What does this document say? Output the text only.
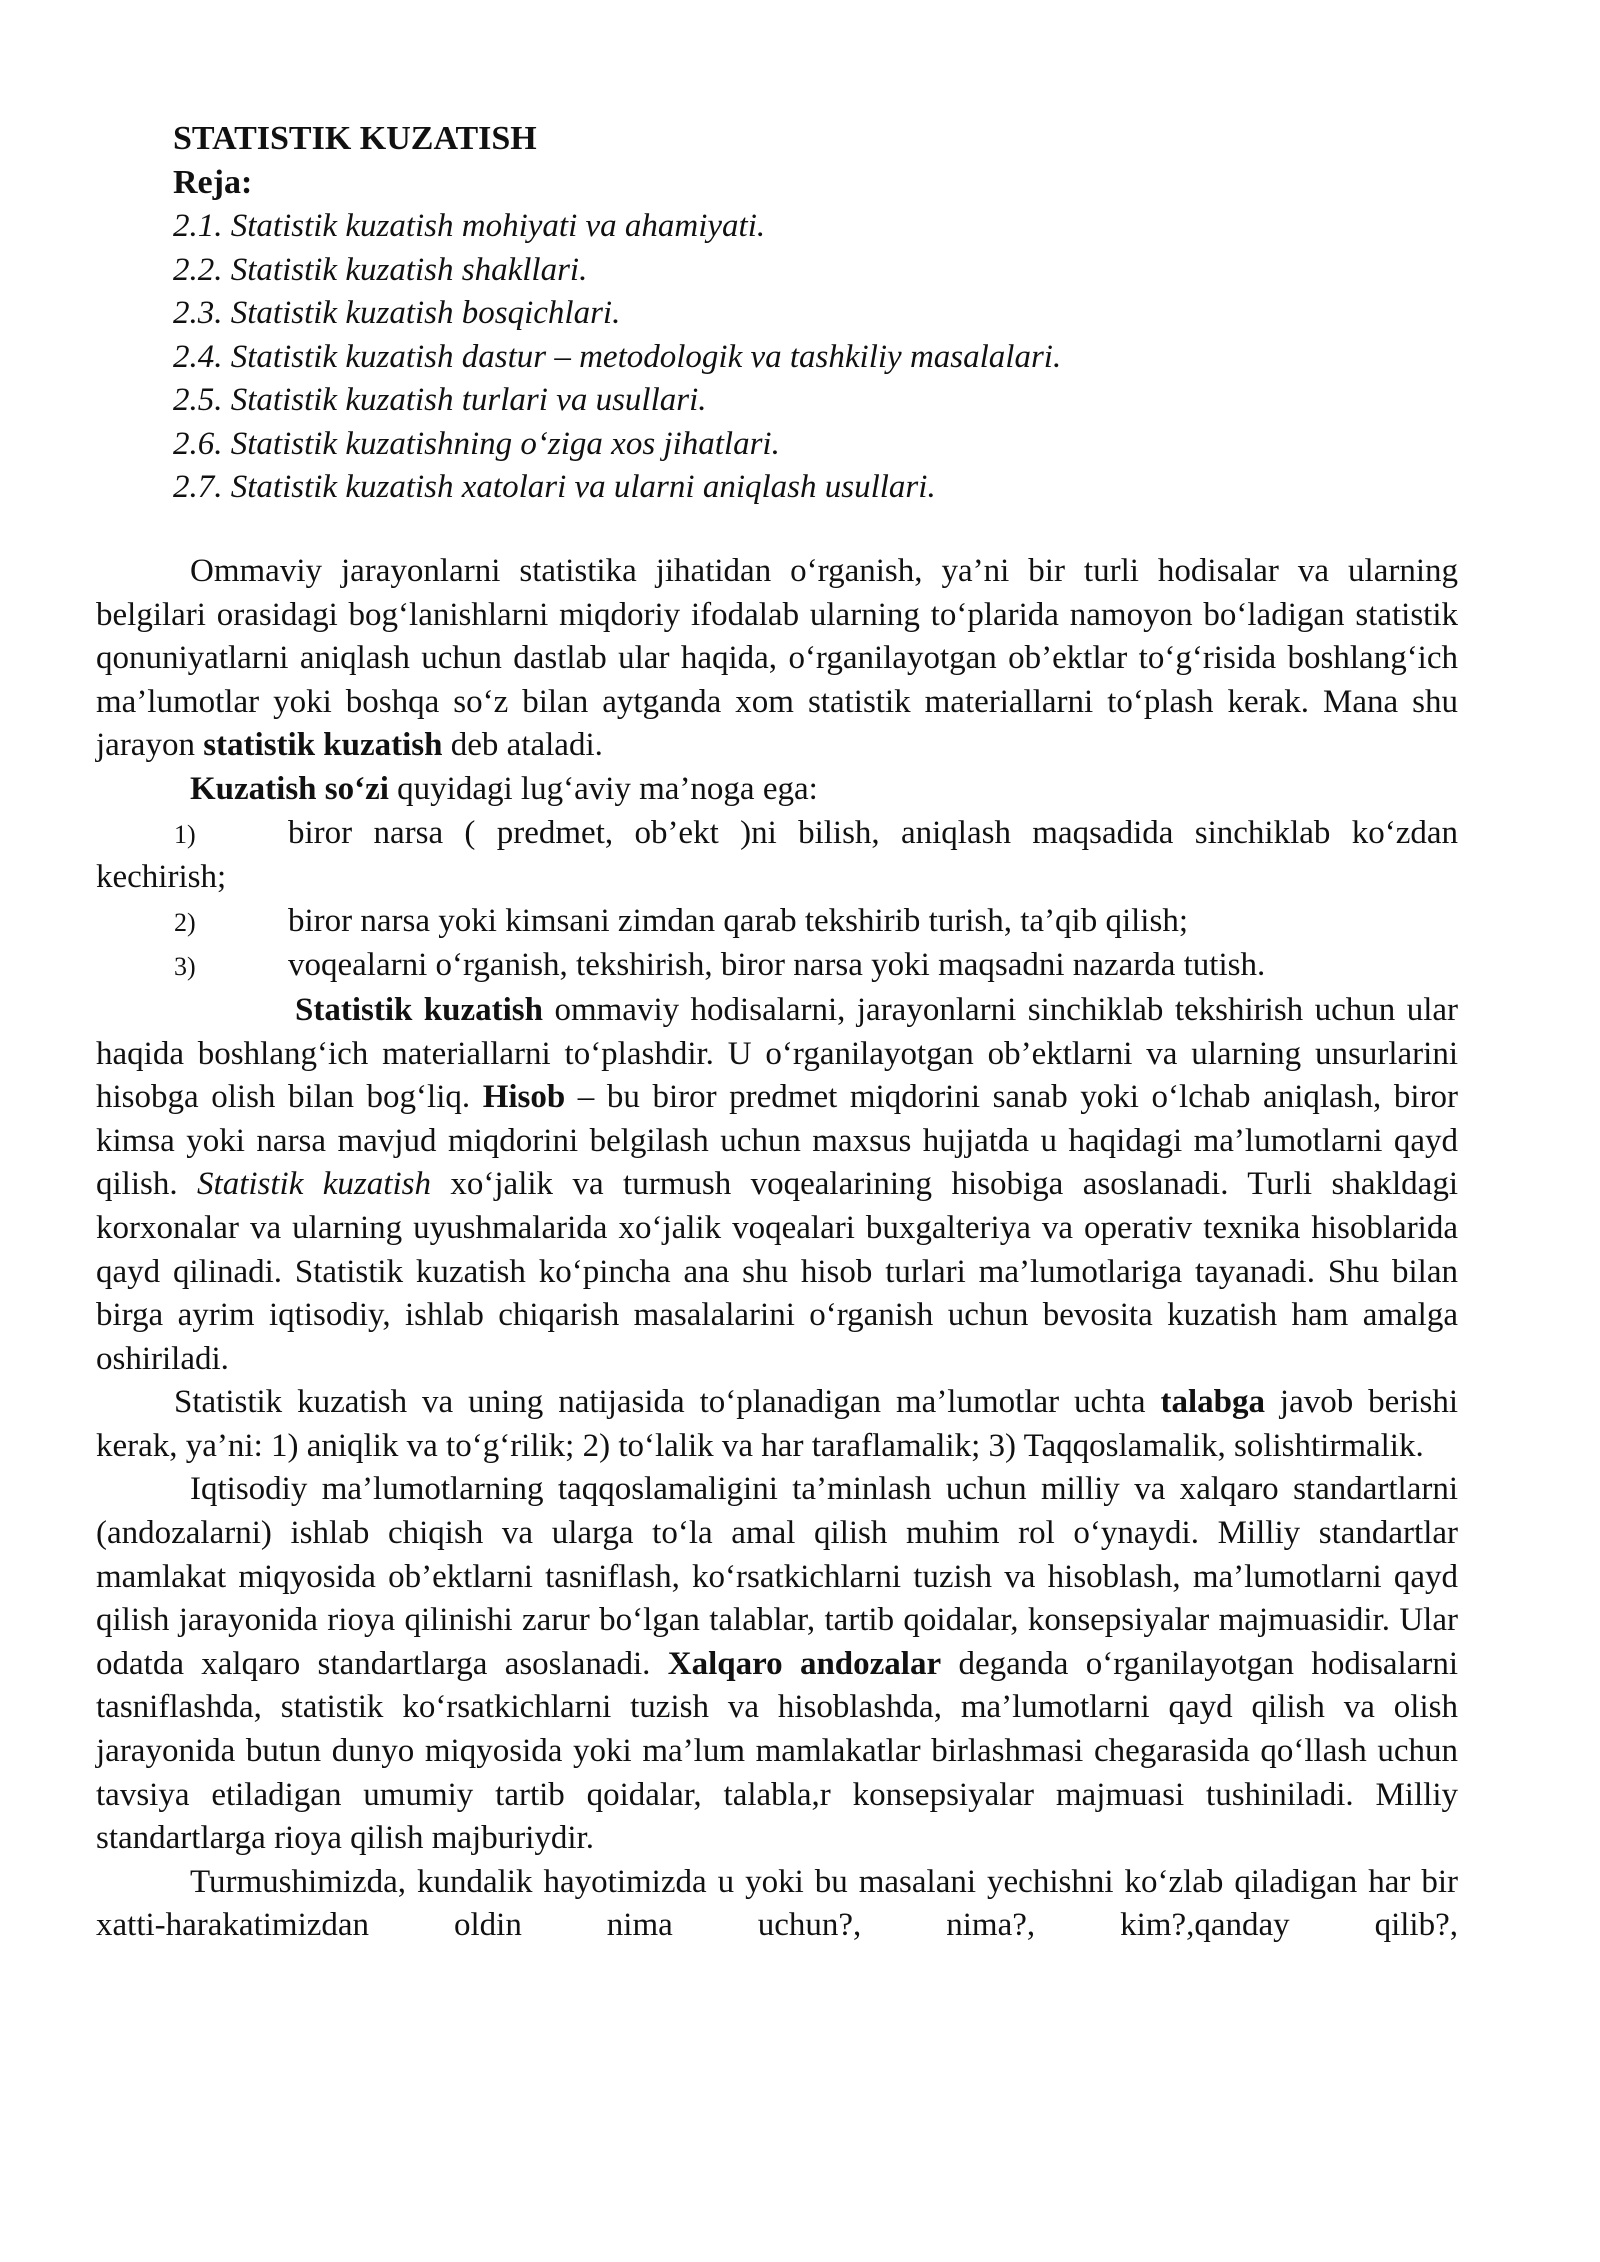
STATISTIK KUZATISH
Reja:
2.1. Statistik kuzatish mohiyati va ahamiyati.
2.2. Statistik kuzatish shakllari.
2.3. Statistik kuzatish bosqichlari.
2.4. Statistik kuzatish dastur – metodologik va tashkiliy masalalari.
2.5. Statistik kuzatish turlari va usullari.
2.6. Statistik kuzatishning o‘ziga xos jihatlari.
2.7. Statistik kuzatish xatolari va ularni aniqlash usullari.

Ommaviy jarayonlarni statistika jihatidan o‘rganish, ya’ni bir turli hodisalar va ularning belgilari orasidagi bog‘lanishlarni miqdoriy ifodalab ularning to‘plarida namoyon bo‘ladigan statistik qonuniyatlarni aniqlash uchun dastlab ular haqida, o‘rganilayotgan ob’ektlar to‘g‘risida boshlang‘ich ma’lumotlar yoki boshqa so‘z bilan aytganda xom statistik materiallarni to‘plash kerak. Mana shu jarayon statistik kuzatish deb ataladi.

Kuzatish so‘zi quyidagi lug‘aviy ma’noga ega:

1)	biror narsa ( predmet, ob’ekt )ni bilish, aniqlash maqsadida sinchiklab ko‘zdan kechirish;

2)	biror narsa yoki kimsani zimdan qarab tekshirib turish, ta’qib qilish;

3)	voqealarni o‘rganish, tekshirish, biror narsa yoki maqsadni nazarda tutish.

Statistik kuzatish ommaviy hodisalarni, jarayonlarni sinchiklab tekshirish uchun ular haqida boshlang‘ich materiallarni to‘plashdir. U o‘rganilayotgan ob’ektlarni va ularning unsurlarini hisobga olish bilan bog‘liq. Hisob – bu biror predmet miqdorini sanab yoki o‘lchab aniqlash, biror kimsa yoki narsa mavjud miqdorini belgilash uchun maxsus hujjatda u haqidagi ma’lumotlarni qayd qilish. Statistik kuzatish xo‘jalik va turmush voqealarining hisobiga asoslanadi. Turli shakldagi korxonalar va ularning uyushmalarida xo‘jalik voqealari buxgalteriya va operativ texnika hisoblarida qayd qilinadi. Statistik kuzatish ko‘pincha ana shu hisob turlari ma’lumotlariga tayanadi. Shu bilan birga ayrim iqtisodiy, ishlab chiqarish masalalarini o‘rganish uchun bevosita kuzatish ham amalga oshiriladi.

Statistik kuzatish va uning natijasida to‘planadigan ma’lumotlar uchta talabga javob berishi kerak, ya’ni: 1) aniqlik va to‘g‘rilik; 2) to‘lalik va har taraflamalik; 3) Taqqoslamalik, solishtirmalik.

Iqtisodiy ma’lumotlarning taqqoslamaligini ta’minlash uchun milliy va xalqaro standartlarni (andozalarni) ishlab chiqish va ularga to‘la amal qilish muhim rol o‘ynaydi. Milliy standartlar mamlakat miqyosida ob’ektlarni tasniflash, ko‘rsatkichlarni tuzish va hisoblash, ma’lumotlarni qayd qilish jarayonida rioya qilinishi zarur bo‘lgan talablar, tartib qoidalar, konsepsiyalar majmuasidir. Ular odatda xalqaro standartlarga asoslanadi. Xalqaro andozalar deganda o‘rganilayotgan hodisalarni tasniflashda, statistik ko‘rsatkichlarni tuzish va hisoblashda, ma’lumotlarni qayd qilish va olish jarayonida butun dunyo miqyosida yoki ma’lum mamlakatlar birlashmasi chegarasida qo‘llash uchun tavsiya etiladigan umumiy tartib qoidalar, talabla,r konsepsiyalar majmuasi tushiniladi. Milliy standartlarga rioya qilish majburiydir.

Turmushimizda, kundalik hayotimizda u yoki bu masalani yechishni ko‘zlab qiladigan har bir xatti-harakatimizdan oldin nima uchun?, nima?, kim?,qanday qilib?,
